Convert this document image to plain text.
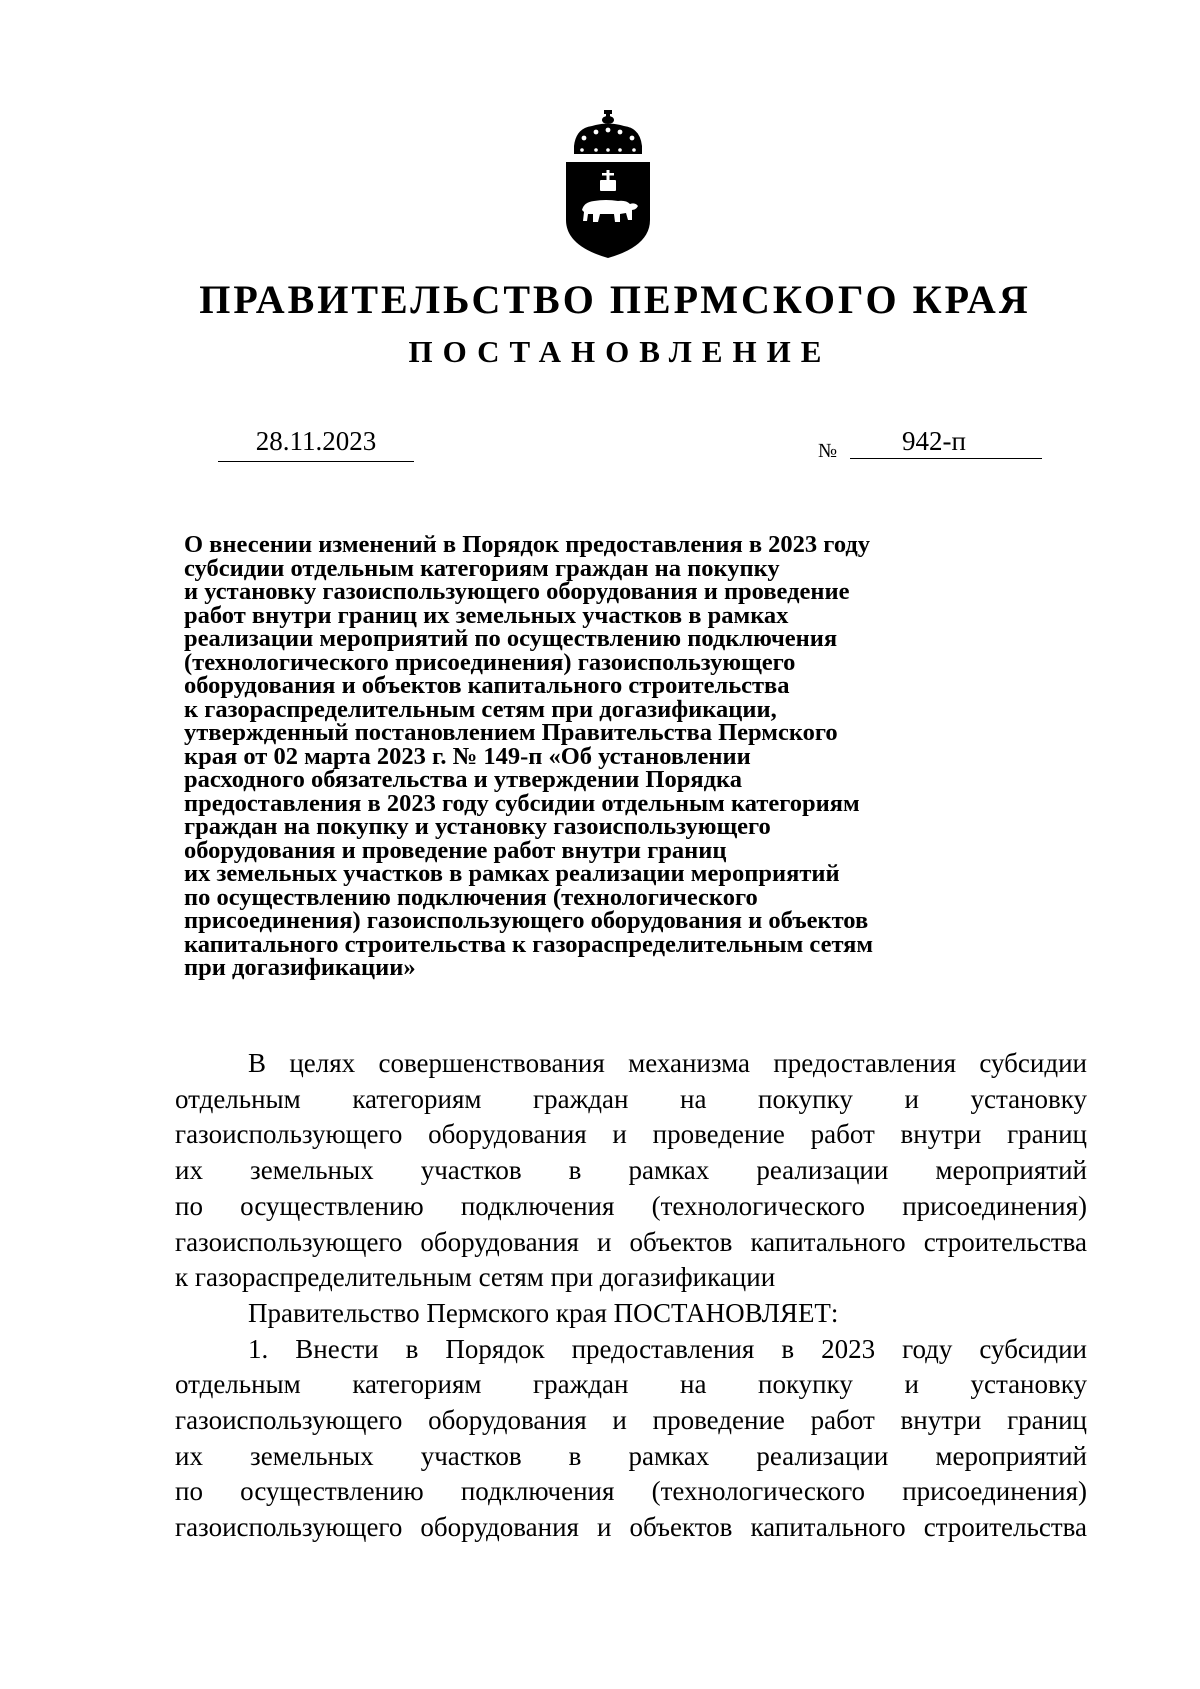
ПРАВИТЕЛЬСТВО ПЕРМСКОГО КРАЯ
ПОСТАНОВЛЕНИЕ
28.11.2023	№	942-п
О внесении изменений в Порядок предоставления в 2023 году
субсидии отдельным категориям граждан на покупку
и установку газоиспользующего оборудования и проведение
работ внутри границ их земельных участков в рамках
реализации мероприятий по осуществлению подключения
(технологического присоединения) газоиспользующего
оборудования и объектов капитального строительства
к газораспределительным сетям при догазификации,
утвержденный постановлением Правительства Пермского
края от 02 марта 2023 г. № 149-п «Об установлении
расходного обязательства и утверждении Порядка
предоставления в 2023 году субсидии отдельным категориям
граждан на покупку и установку газоиспользующего
оборудования и проведение работ внутри границ
их земельных участков в рамках реализации мероприятий
по осуществлению подключения (технологического
присоединения) газоиспользующего оборудования и объектов
капитального строительства к газораспределительным сетям
при догазификации»
В целях совершенствования механизма предоставления субсидии
отдельным категориям граждан на покупку и установку
газоиспользующего оборудования и проведение работ внутри границ
их земельных участков в рамках реализации мероприятий
по осуществлению подключения (технологического присоединения)
газоиспользующего оборудования и объектов капитального строительства
к газораспределительным сетям при догазификации
Правительство Пермского края ПОСТАНОВЛЯЕТ:
1. Внести в Порядок предоставления в 2023 году субсидии
отдельным категориям граждан на покупку и установку
газоиспользующего оборудования и проведение работ внутри границ
их земельных участков в рамках реализации мероприятий
по осуществлению подключения (технологического присоединения)
газоиспользующего оборудования и объектов капитального строительства
